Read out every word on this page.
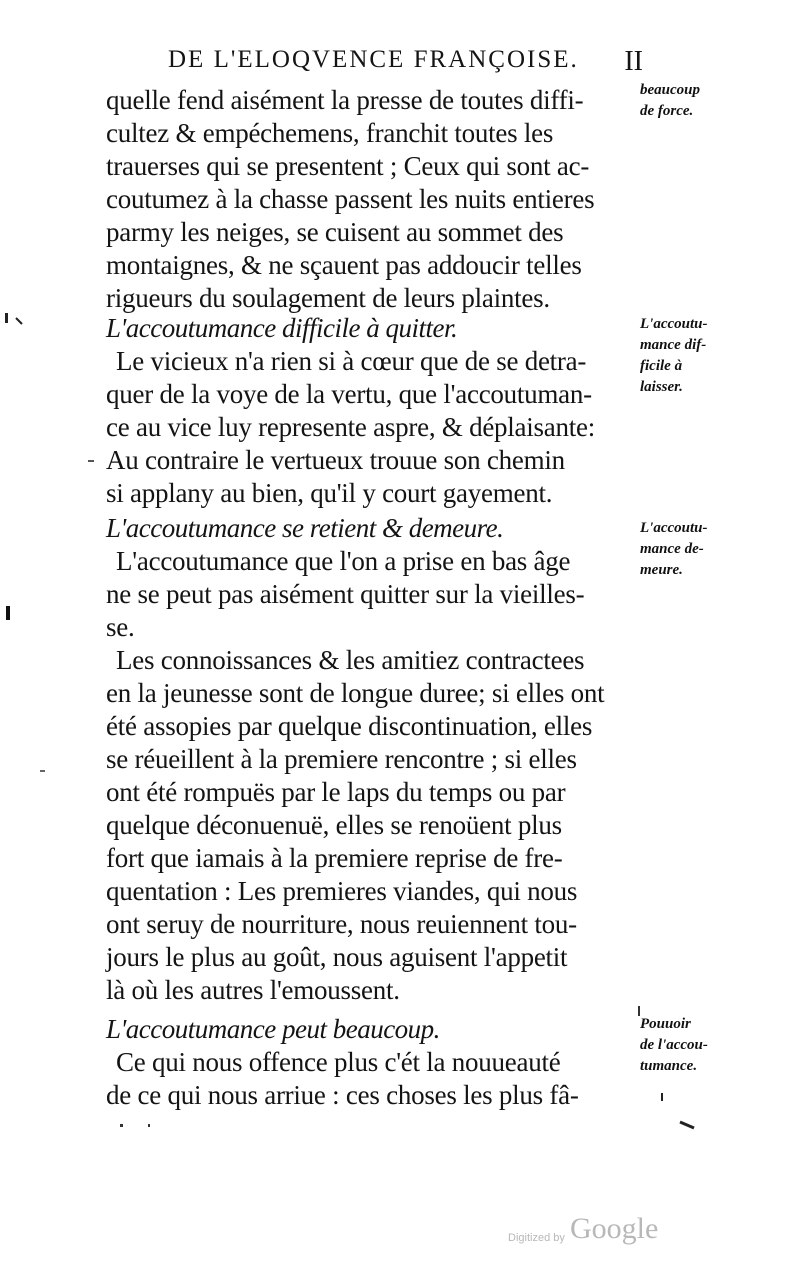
DE L'ELOQVENCE FRANÇOISE. II
quelle fend aisément la presse de toutes diffi-
cultez & empéchemens, franchit toutes les
trauerses qui se presentent ; Ceux qui sont ac-
coutumez à la chasse passent les nuits entieres
parmy les neiges, se cuisent au sommet des
montaignes, & ne sçauent pas addoucir telles
rigueurs du soulagement de leurs plaintes.
L'accoutumance difficile à quitter.
Le vicieux n'a rien si à cœur que de se detra-
quer de la voye de la vertu, que l'accoutuman-
ce au vice luy represente aspre, & déplaisante:
Au contraire le vertueux trouue son chemin
si applany au bien, qu'il y court gayement.
L'accoutumance se retient & demeure.
L'accoutumance que l'on a prise en bas âge
ne se peut pas aisément quitter sur la vieilles-
se.
Les connoissances & les amitiez contractees
en la jeunesse sont de longue duree; si elles ont
été assopies par quelque discontinuation, elles
se réueillent à la premiere rencontre ; si elles
ont été rompuës par le laps du temps ou par
quelque déconuenuë, elles se renoüent plus
fort que iamais à la premiere reprise de fre-
quentation : Les premieres viandes, qui nous
ont seruy de nourriture, nous reuiennent tou-
jours le plus au goût, nous aguisent l'appetit
là où les autres l'emoussent.
L'accoutumance peut beaucoup.
Ce qui nous offence plus c'ét la nouueauté
de ce qui nous arriue : ces choses les plus fâ-
beaucoup
de force.
L'accoutu-
mance dif-
ficile à
laisser.
L'accoutu-
mance de-
meure.
Pouuoir
de l'accou-
tumance.
Digitized by Google
